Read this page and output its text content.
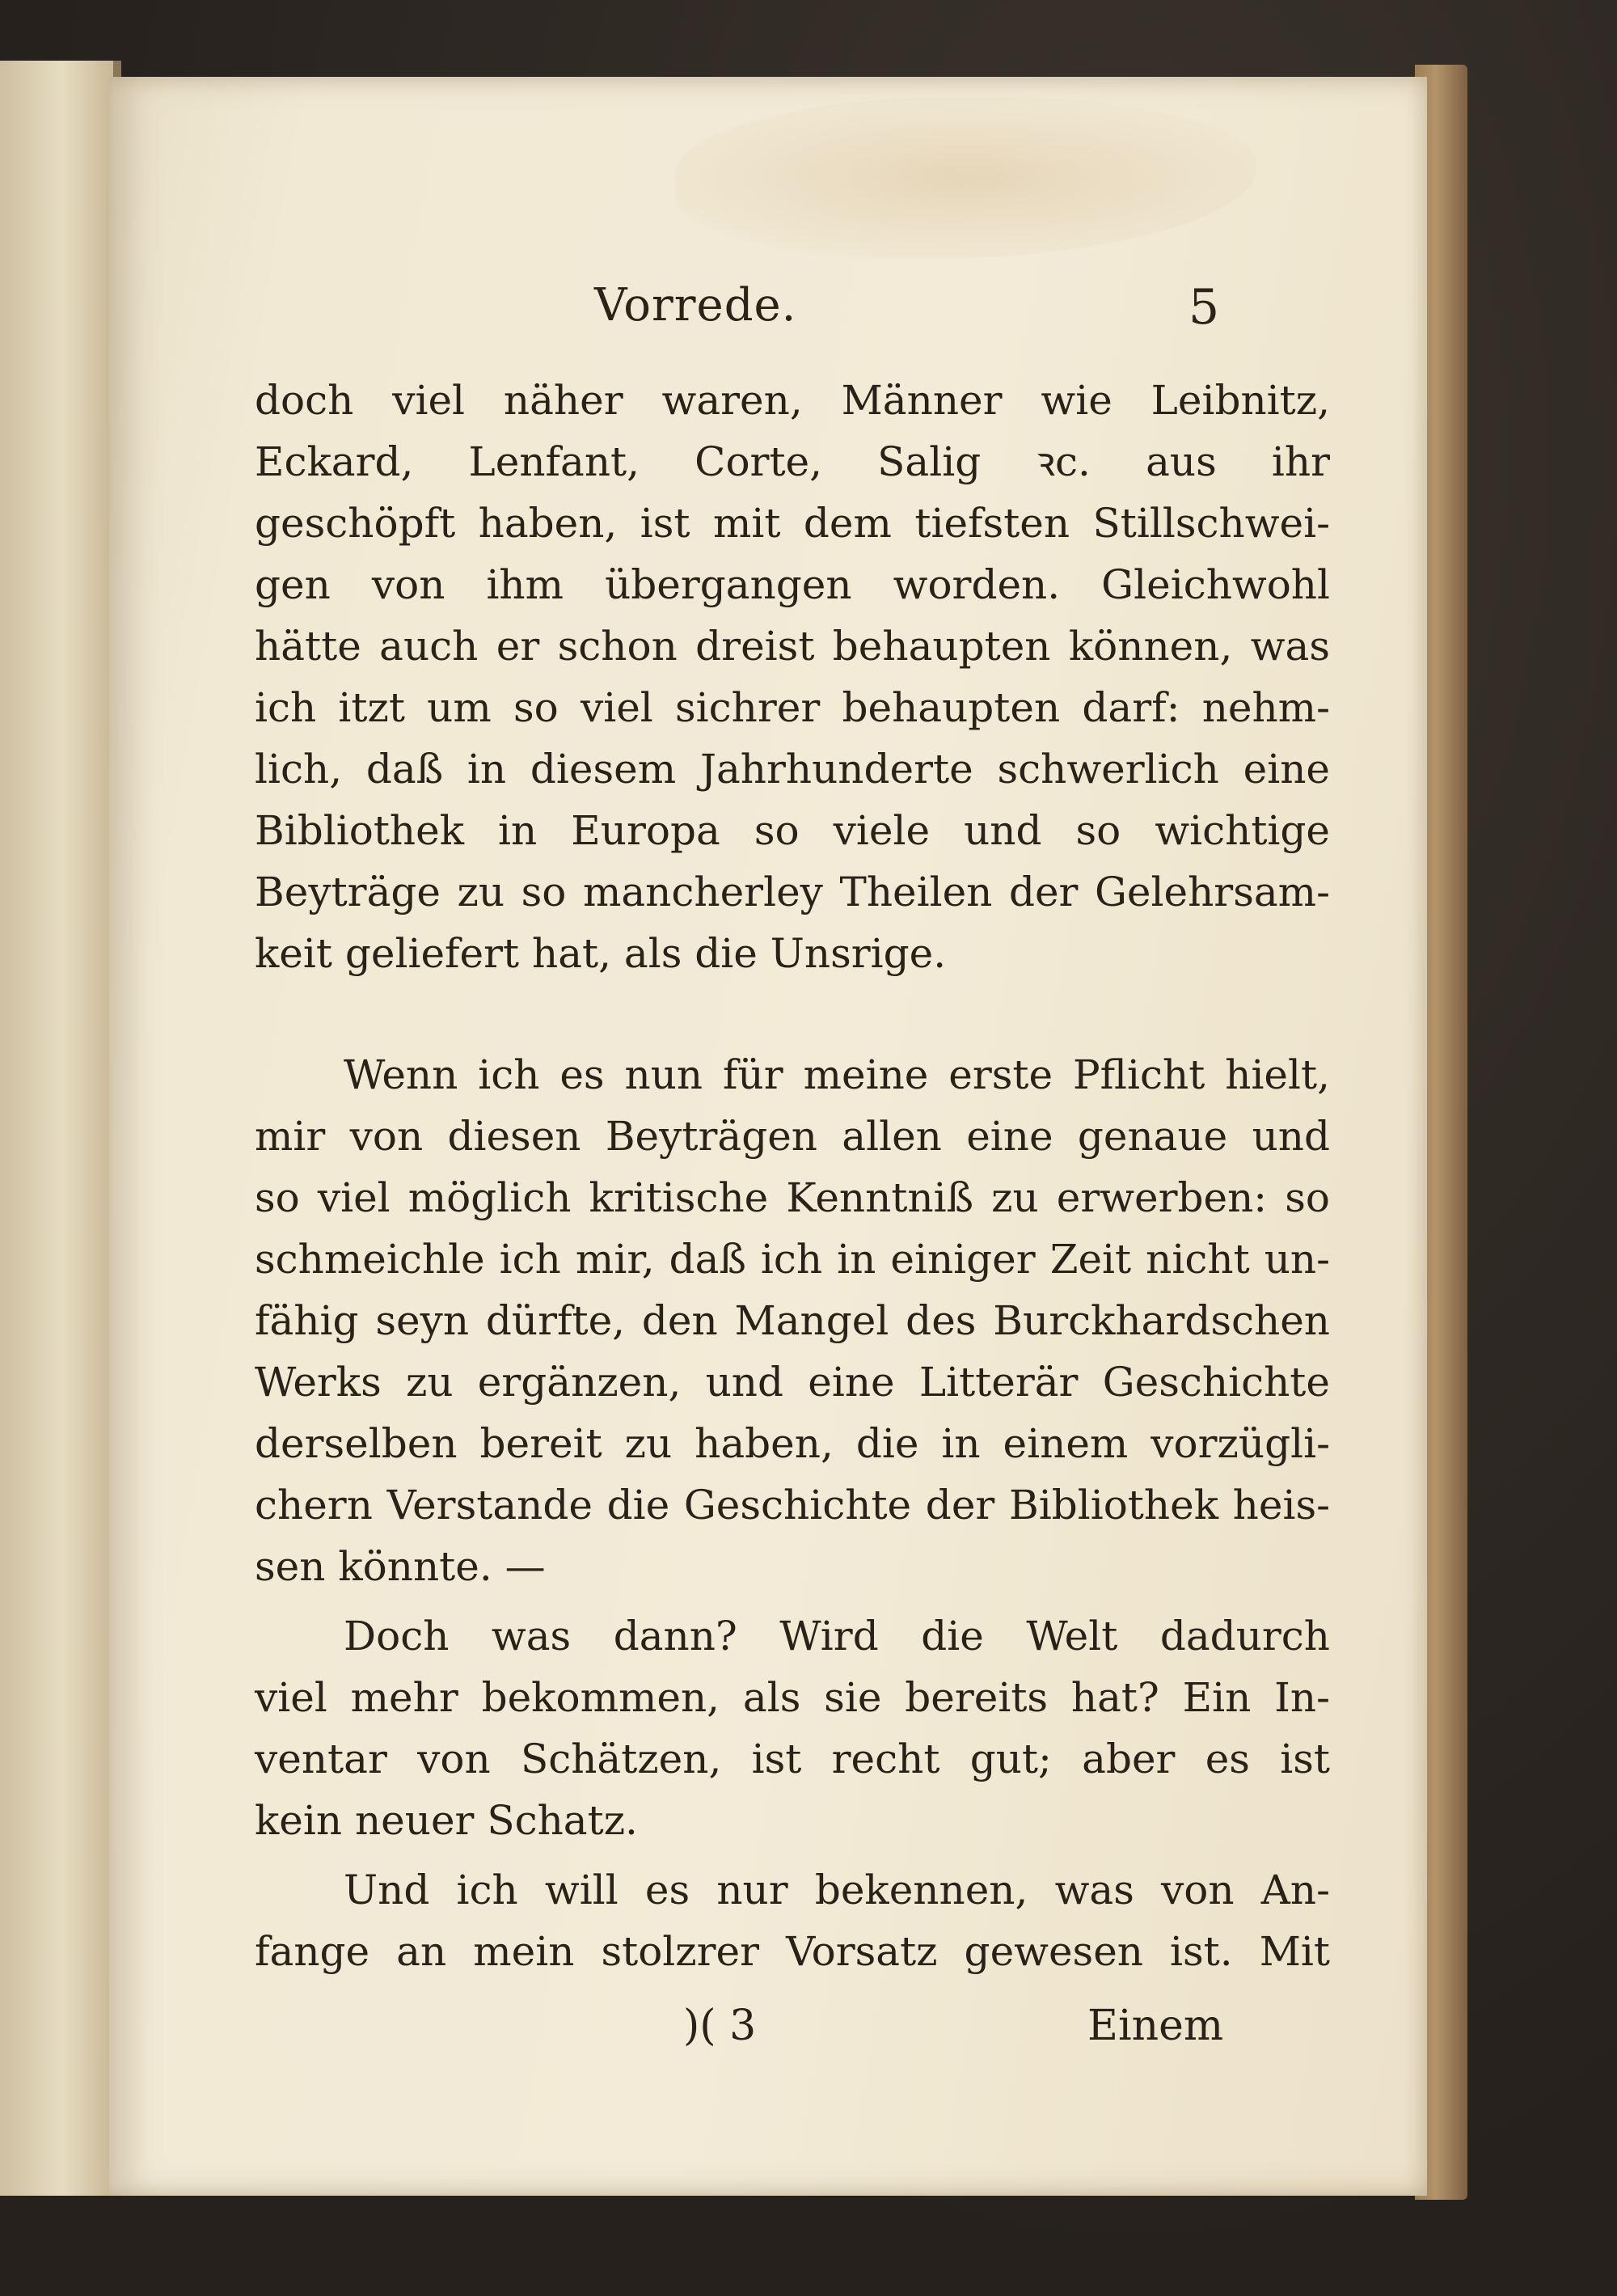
Vorrede.	5
doch viel näher waren, Männer wie Leibnitz,
Eckard, Lenfant, Corte, Salig ꝛc. aus ihr
geschöpft haben, ist mit dem tiefsten Stillschwei-
gen von ihm übergangen worden. Gleichwohl
hätte auch er schon dreist behaupten können, was
ich itzt um so viel sichrer behaupten darf: nehm-
lich, daß in diesem Jahrhunderte schwerlich eine
Bibliothek in Europa so viele und so wichtige
Beyträge zu so mancherley Theilen der Gelehrsam-
keit geliefert hat, als die Unsrige.
Wenn ich es nun für meine erste Pflicht hielt,
mir von diesen Beyträgen allen eine genaue und
so viel möglich kritische Kenntniß zu erwerben: so
schmeichle ich mir, daß ich in einiger Zeit nicht un-
fähig seyn dürfte, den Mangel des Burckhardschen
Werks zu ergänzen, und eine Litterär Geschichte
derselben bereit zu haben, die in einem vorzügli-
chern Verstande die Geschichte der Bibliothek heis-
sen könnte. —
Doch was dann? Wird die Welt dadurch
viel mehr bekommen, als sie bereits hat? Ein In-
ventar von Schätzen, ist recht gut; aber es ist
kein neuer Schatz.
Und ich will es nur bekennen, was von An-
fange an mein stolzrer Vorsatz gewesen ist. Mit
)( 3	Einem
